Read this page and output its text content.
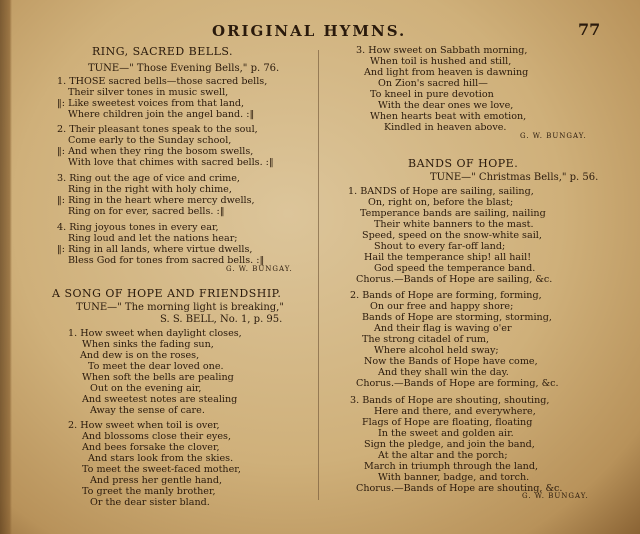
ORIGINAL HYMNS.	77
RING, SACRED BELLS.
TUNE—" Those Evening Bells," p. 76.
1. THOSE sacred bells—those sacred bells,
Their silver tones in music swell,
‖: Like sweetest voices from that land,
Where children join the angel band. :‖
2. Their pleasant tones speak to the soul,
Come early to the Sunday school,
‖: And when they ring the bosom swells,
With love that chimes with sacred bells. :‖
3. Ring out the age of vice and crime,
Ring in the right with holy chime,
‖: Ring in the heart where mercy dwells,
Ring on for ever, sacred bells. :‖
4. Ring joyous tones in every ear,
Ring loud and let the nations hear;
‖: Ring in all lands, where virtue dwells,
Bless God for tones from sacred bells. :‖
G. W. BUNGAY.
A SONG OF HOPE AND FRIENDSHIP.
TUNE—" The morning light is breaking,"
S. S. BELL, No. 1, p. 95.
1. How sweet when daylight closes,
When sinks the fading sun,
And dew is on the roses,
To meet the dear loved one.
When soft the bells are pealing
Out on the evening air,
And sweetest notes are stealing
Away the sense of care.
2. How sweet when toil is over,
And blossoms close their eyes,
And bees forsake the clover,
And stars look from the skies.
To meet the sweet-faced mother,
And press her gentle hand,
To greet the manly brother,
Or the dear sister bland.
3. How sweet on Sabbath morning,
When toil is hushed and still,
And light from heaven is dawning
On Zion's sacred hill—
To kneel in pure devotion
With the dear ones we love,
When hearts beat with emotion,
Kindled in heaven above.
G. W. BUNGAY.
BANDS OF HOPE.
TUNE—" Christmas Bells," p. 56.
1. BANDS of Hope are sailing, sailing,
On, right on, before the blast;
Temperance bands are sailing, nailing
Their white banners to the mast.
Speed, speed on the snow-white sail,
Shout to every far-off land;
Hail the temperance ship! all hail!
God speed the temperance band.
Chorus.—Bands of Hope are sailing, &c.
2. Bands of Hope are forming, forming,
On our free and happy shore;
Bands of Hope are storming, storming,
And their flag is waving o'er
The strong citadel of rum,
Where alcohol held sway;
Now the Bands of Hope have come,
And they shall win the day.
Chorus.—Bands of Hope are forming, &c.
3. Bands of Hope are shouting, shouting,
Here and there, and everywhere,
Flags of Hope are floating, floating
In the sweet and golden air.
Sign the pledge, and join the band,
At the altar and the porch;
March in triumph through the land,
With banner, badge, and torch.
Chorus.—Bands of Hope are shouting, &c.
G. W. BUNGAY.
